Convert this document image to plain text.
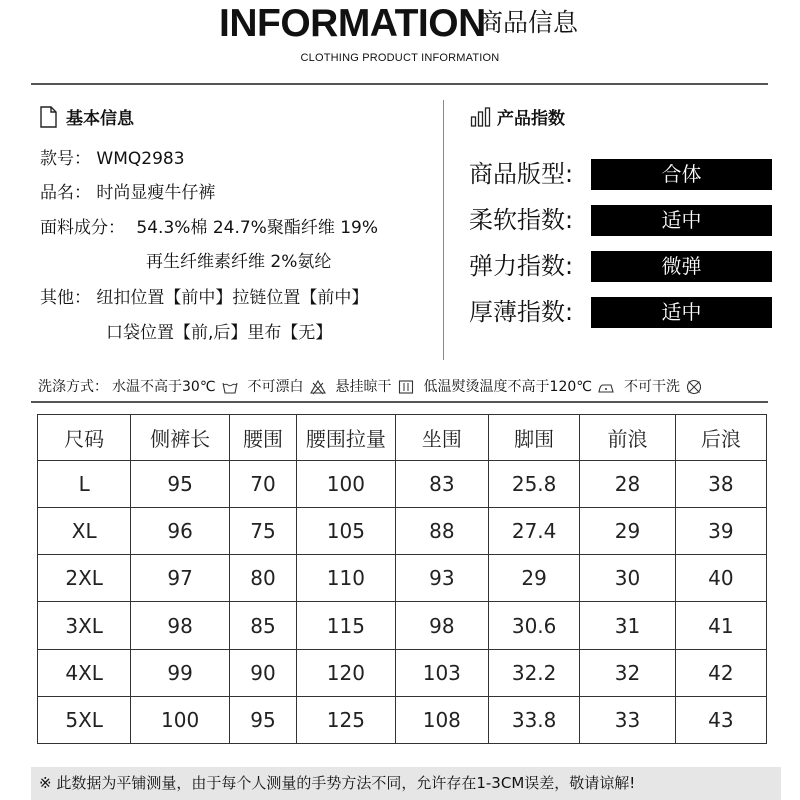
INFORMATION
商品信息
CLOTHING PRODUCT INFORMATION
基本信息
款号： WMQ2983
品名： 时尚显瘦牛仔裤
面料成分： 54.3%棉 24.7%聚酯纤维 19%
再生纤维素纤维 2%氨纶
其他： 纽扣位置【前中】拉链位置【前中】
口袋位置【前,后】里布【无】
产品指数
商品版型:	合体
柔软指数:	适中
弹力指数:	微弹
厚薄指数:	适中
洗涤方式： 水温不高于30℃ 不可漂白 悬挂晾干 低温熨烫温度不高于120℃ 不可干洗
尺码	侧裤长	腰围	腰围拉量	坐围	脚围	前浪	后浪
L	95	70	100	83	25.8	28	38
XL	96	75	105	88	27.4	29	39
2XL	97	80	110	93	29	30	40
3XL	98	85	115	98	30.6	31	41
4XL	99	90	120	103	32.2	32	42
5XL	100	95	125	108	33.8	33	43
※ 此数据为平铺测量，由于每个人测量的手势方法不同，允许存在1-3CM误差，敬请谅解!
